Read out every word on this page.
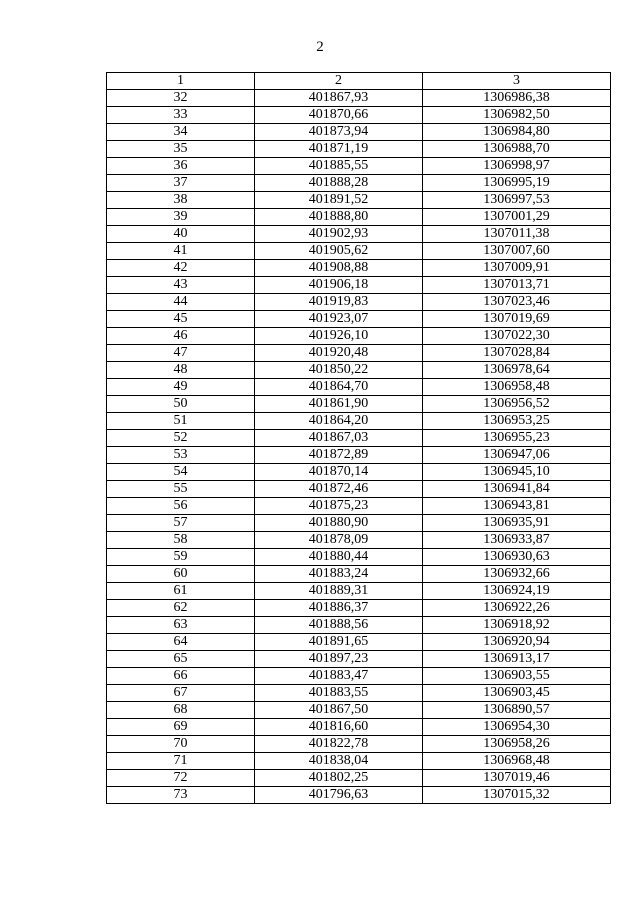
2
1	2	3
32	401867,93	1306986,38
33	401870,66	1306982,50
34	401873,94	1306984,80
35	401871,19	1306988,70
36	401885,55	1306998,97
37	401888,28	1306995,19
38	401891,52	1306997,53
39	401888,80	1307001,29
40	401902,93	1307011,38
41	401905,62	1307007,60
42	401908,88	1307009,91
43	401906,18	1307013,71
44	401919,83	1307023,46
45	401923,07	1307019,69
46	401926,10	1307022,30
47	401920,48	1307028,84
48	401850,22	1306978,64
49	401864,70	1306958,48
50	401861,90	1306956,52
51	401864,20	1306953,25
52	401867,03	1306955,23
53	401872,89	1306947,06
54	401870,14	1306945,10
55	401872,46	1306941,84
56	401875,23	1306943,81
57	401880,90	1306935,91
58	401878,09	1306933,87
59	401880,44	1306930,63
60	401883,24	1306932,66
61	401889,31	1306924,19
62	401886,37	1306922,26
63	401888,56	1306918,92
64	401891,65	1306920,94
65	401897,23	1306913,17
66	401883,47	1306903,55
67	401883,55	1306903,45
68	401867,50	1306890,57
69	401816,60	1306954,30
70	401822,78	1306958,26
71	401838,04	1306968,48
72	401802,25	1307019,46
73	401796,63	1307015,32
